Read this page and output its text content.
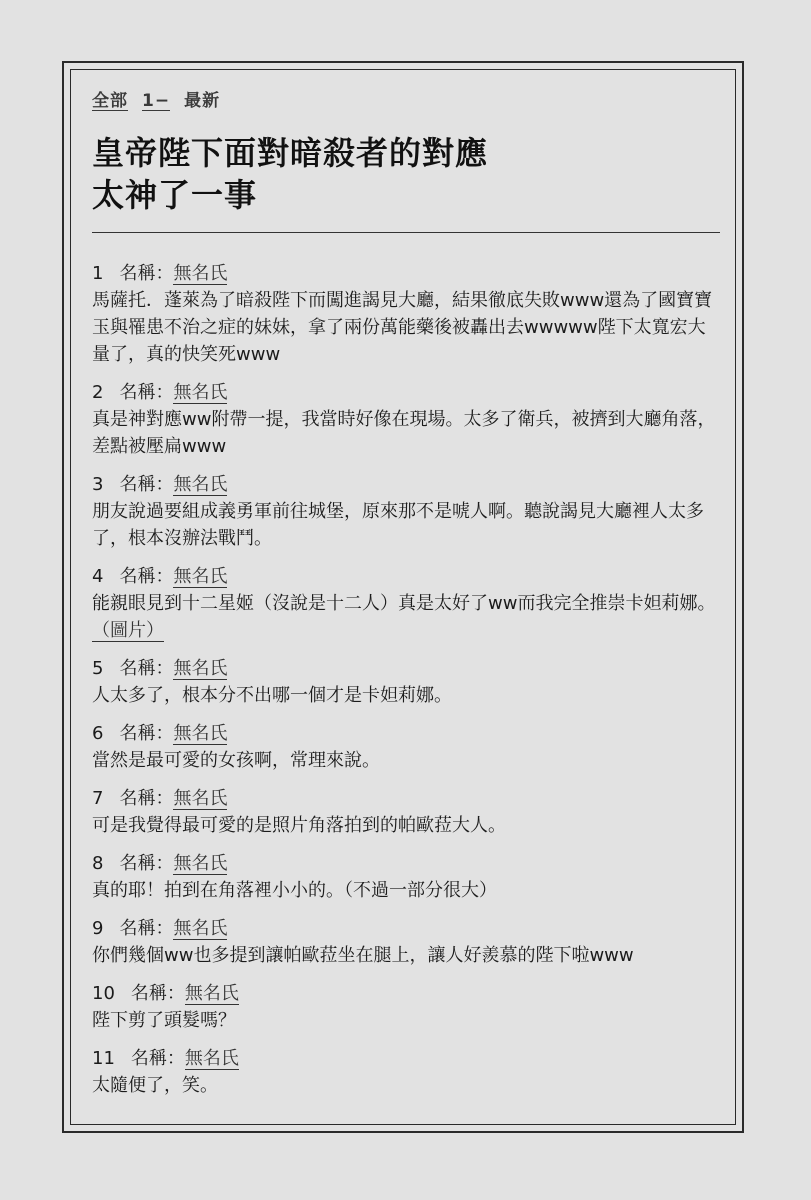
全部 1− 最新
皇帝陛下面對暗殺者的對應
太神了一事
1 名稱：無名氏
馬薩托．蓬萊為了暗殺陛下而闖進謁見大廳，結果徹底失敗www還為了國寶寶玉與罹患不治之症的妹妹，拿了兩份萬能藥後被轟出去wwwww陛下太寬宏大量了，真的快笑死www
2 名稱：無名氏
真是神對應ww附帶一提，我當時好像在現場。太多了衛兵，被擠到大廳角落，差點被壓扁www
3 名稱：無名氏
朋友說過要組成義勇軍前往城堡，原來那不是唬人啊。聽說謁見大廳裡人太多了，根本沒辦法戰鬥。
4 名稱：無名氏
能親眼見到十二星姬（沒說是十二人）真是太好了ww而我完全推崇卡妲莉娜。（圖片）
5 名稱：無名氏
人太多了，根本分不出哪一個才是卡妲莉娜。
6 名稱：無名氏
當然是最可愛的女孩啊，常理來說。
7 名稱：無名氏
可是我覺得最可愛的是照片角落拍到的帕歐菈大人。
8 名稱：無名氏
真的耶！拍到在角落裡小小的。（不過一部分很大）
9 名稱：無名氏
你們幾個ww也多提到讓帕歐菈坐在腿上，讓人好羨慕的陛下啦www
10 名稱：無名氏
陛下剪了頭髮嗎？
11 名稱：無名氏
太隨便了，笑。
